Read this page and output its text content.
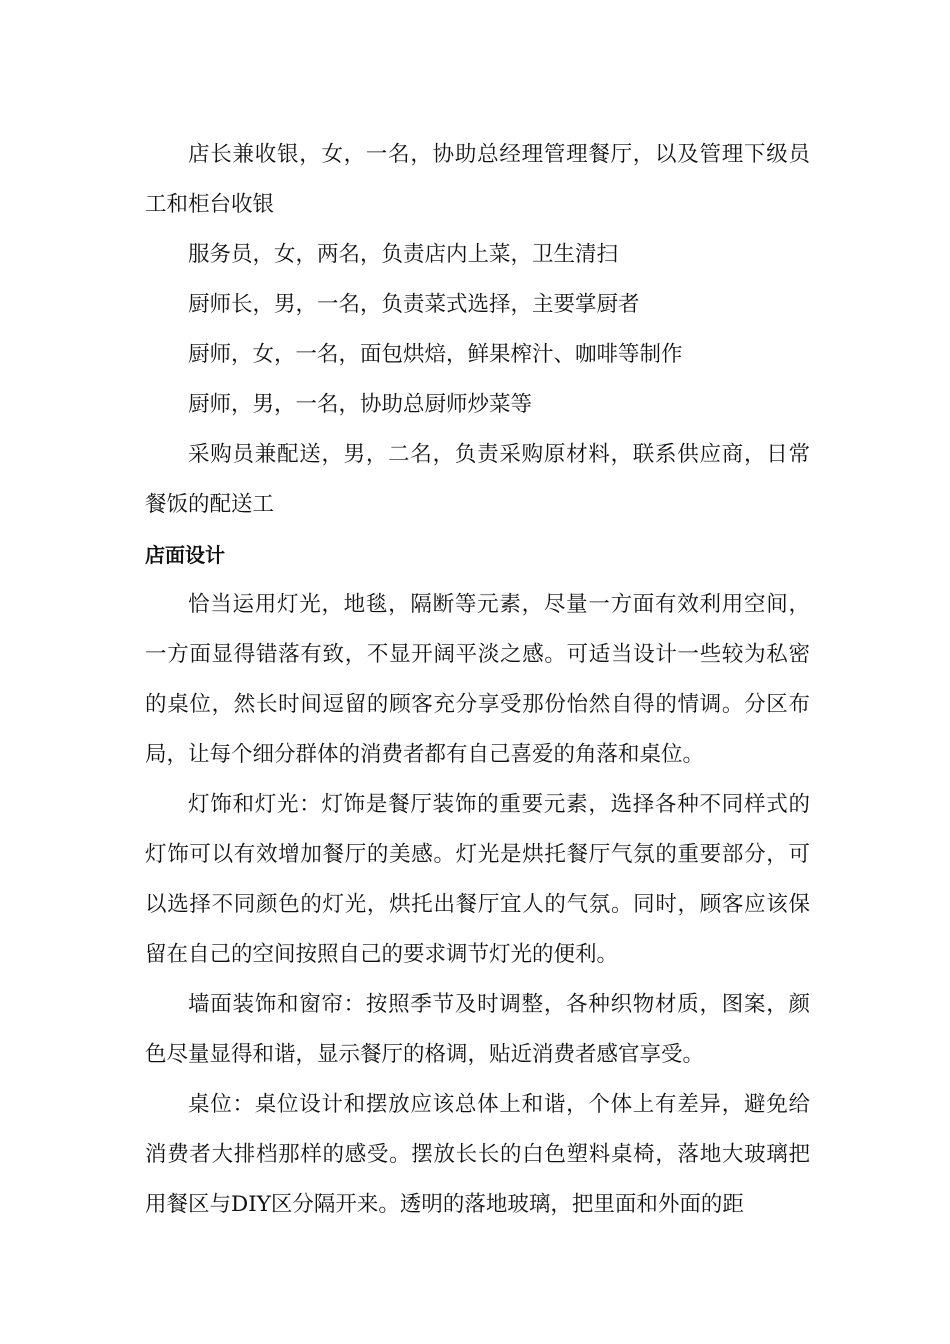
店长兼收银，女，一名，协助总经理管理餐厅，以及管理下级员工和柜台收银

服务员，女，两名，负责店内上菜，卫生清扫

厨师长，男，一名，负责菜式选择，主要掌厨者

厨师，女，一名，面包烘焙，鲜果榨汁、咖啡等制作

厨师，男，一名，协助总厨师炒菜等

采购员兼配送，男，二名，负责采购原材料，联系供应商，日常餐饭的配送工

店面设计

恰当运用灯光，地毯，隔断等元素，尽量一方面有效利用空间，一方面显得错落有致，不显开阔平淡之感。可适当设计一些较为私密的桌位，然长时间逗留的顾客充分享受那份怡然自得的情调。分区布局，让每个细分群体的消费者都有自己喜爱的角落和桌位。

灯饰和灯光：灯饰是餐厅装饰的重要元素，选择各种不同样式的灯饰可以有效增加餐厅的美感。灯光是烘托餐厅气氛的重要部分，可以选择不同颜色的灯光，烘托出餐厅宜人的气氛。同时，顾客应该保留在自己的空间按照自己的要求调节灯光的便利。

墙面装饰和窗帘：按照季节及时调整，各种织物材质，图案，颜色尽量显得和谐，显示餐厅的格调，贴近消费者感官享受。

桌位：桌位设计和摆放应该总体上和谐，个体上有差异，避免给消费者大排档那样的感受。摆放长长的白色塑料桌椅，落地大玻璃把用餐区与DIY区分隔开来。透明的落地玻璃，把里面和外面的距
